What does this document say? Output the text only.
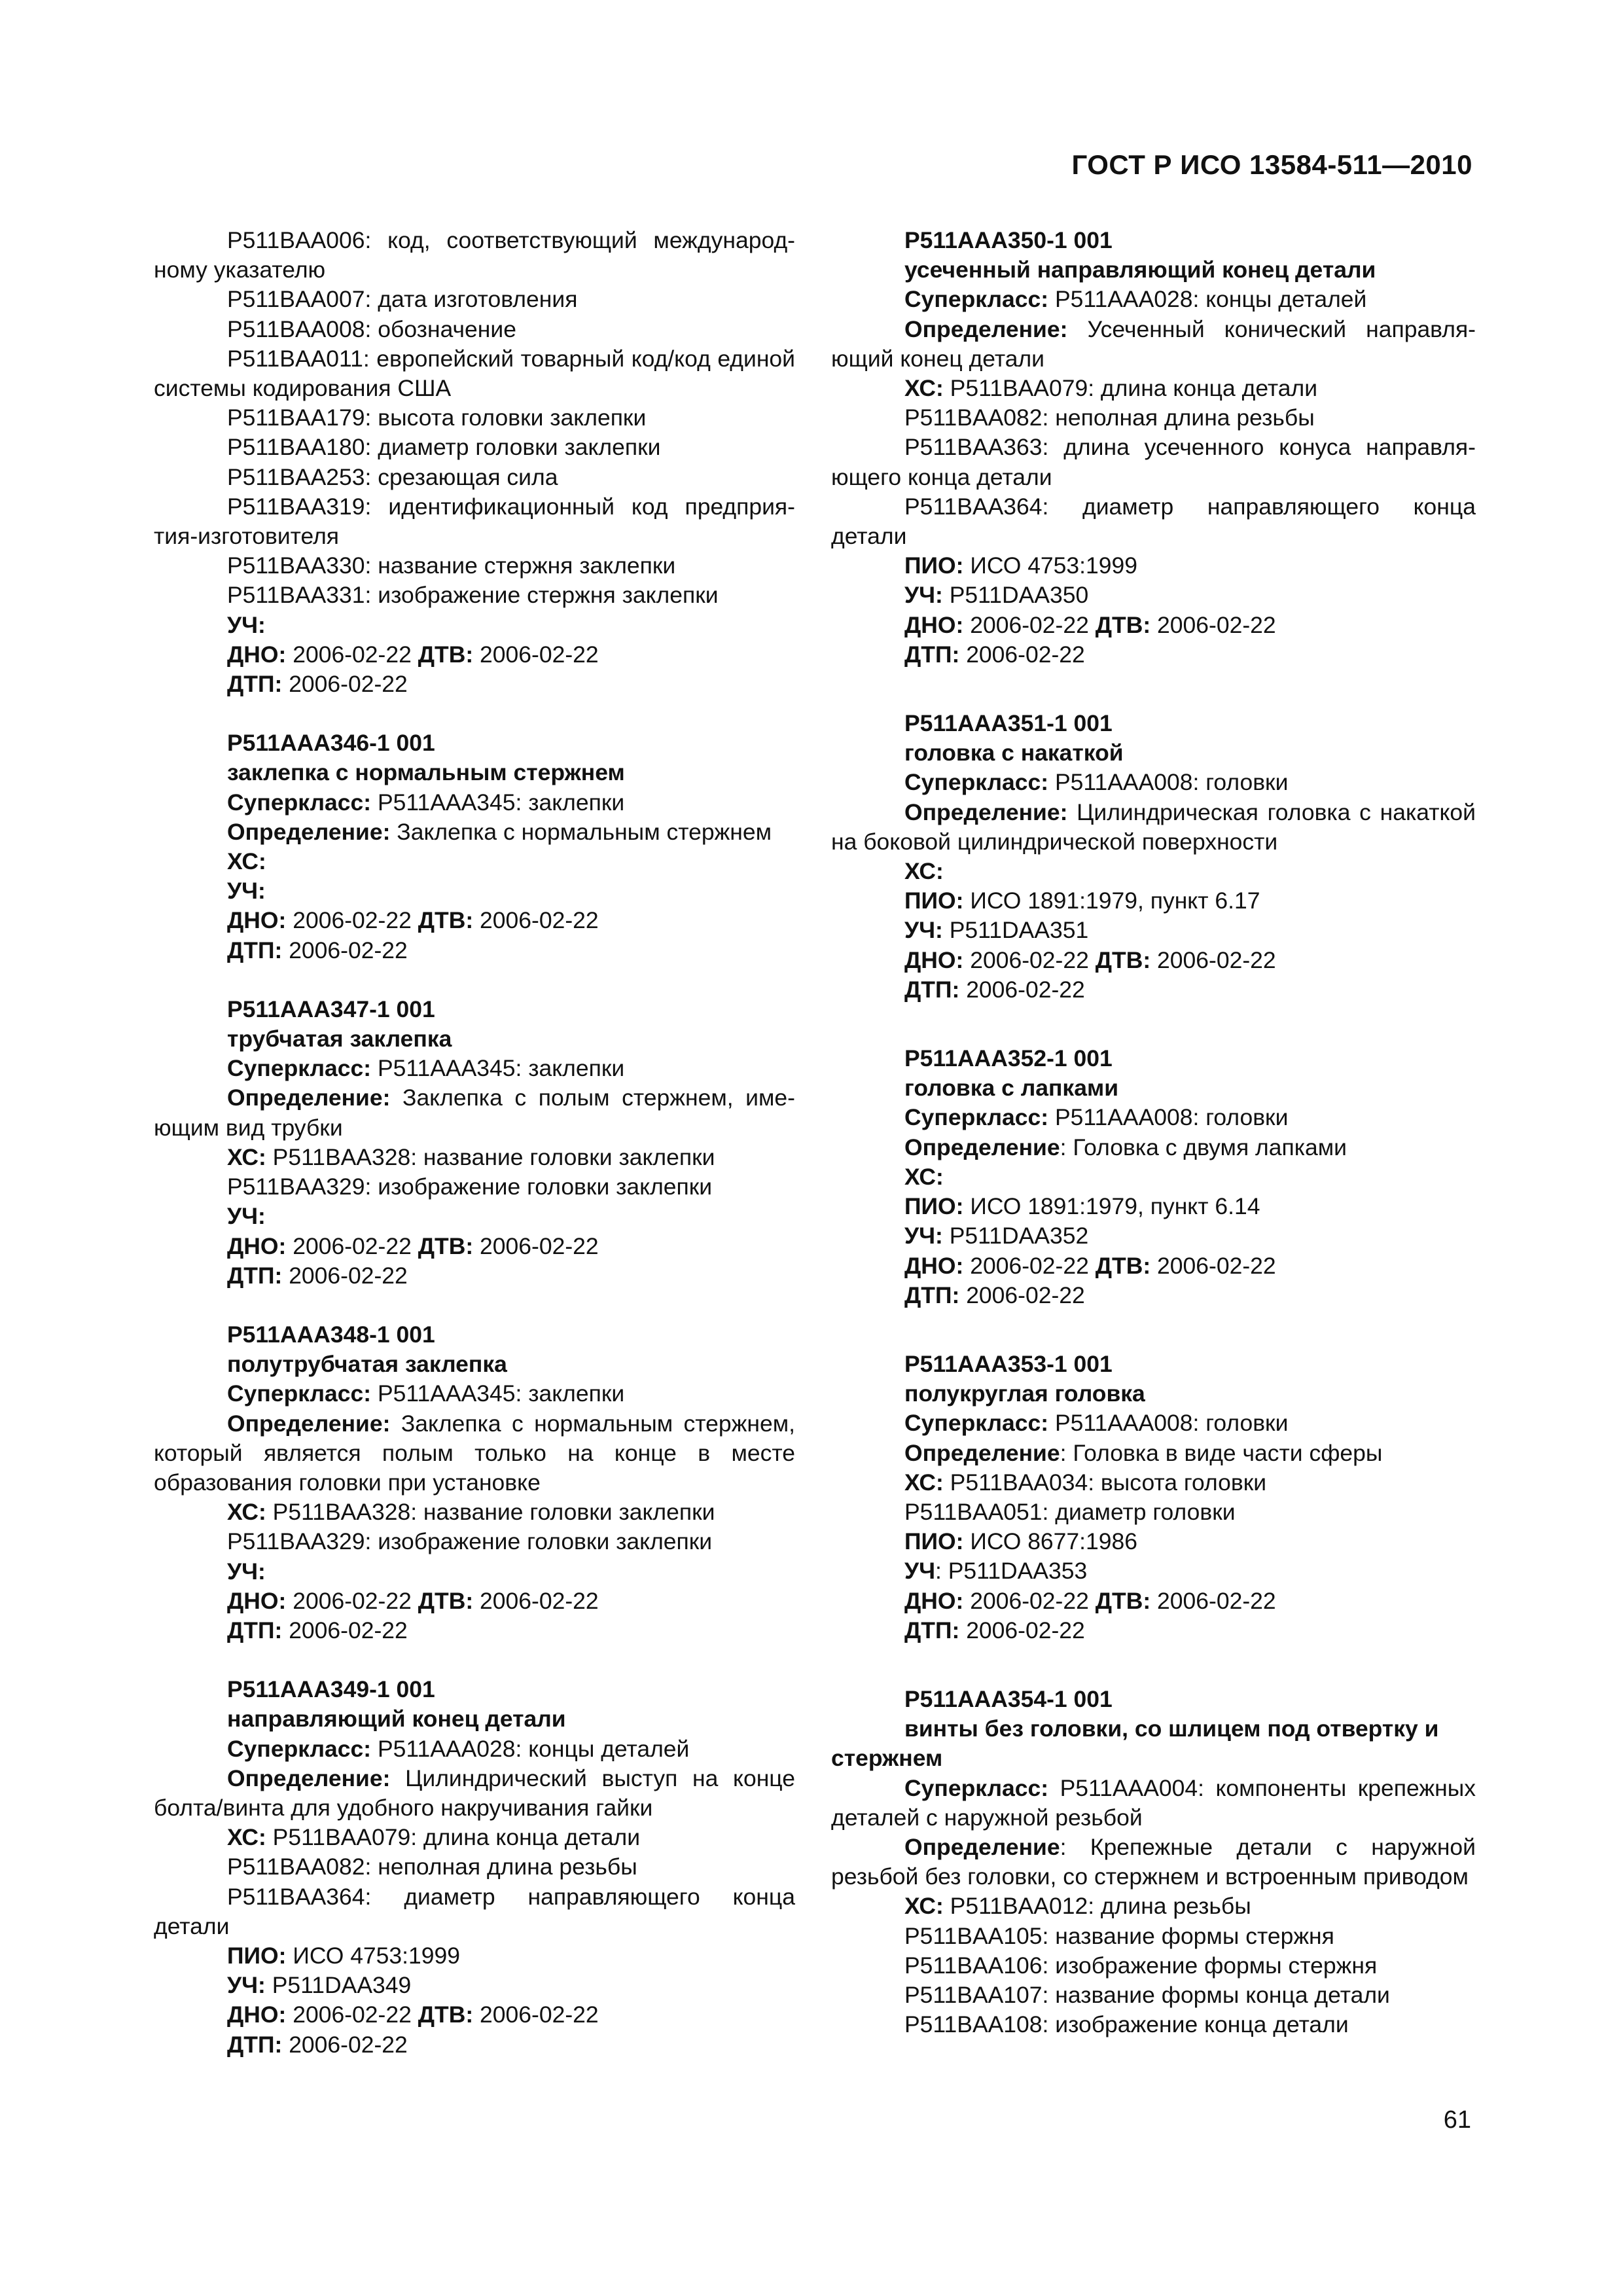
ГОСТ Р ИСО 13584-511—2010

P511BAA006: код, соответствующий международному указателю

P511BAA007: дата изготовления

P511BAA008: обозначение

P511BAA011: европейский товарный код/код единой системы кодирования США

P511BAA179: высота головки заклепки

P511BAA180: диаметр головки заклепки

P511BAA253: срезающая сила

P511BAA319: идентификационный код предприятия-изготовителя

P511BAA330: название стержня заклепки

P511BAA331: изображение стержня заклепки

УЧ:

ДНО: 2006-02-22 ДТВ: 2006-02-22

ДТП: 2006-02-22

P511AAA346-1 001

заклепка с нормальным стержнем

Суперкласс: P511AAA345: заклепки

Определение: Заклепка с нормальным стержнем

ХС:

УЧ:

ДНО: 2006-02-22 ДТВ: 2006-02-22

ДТП: 2006-02-22

P511AAA347-1 001

трубчатая заклепка

Суперкласс: P511AAA345: заклепки

Определение: Заклепка с полым стержнем, имеющим вид трубки

ХС: P511BAA328: название головки заклепки

P511BAA329: изображение головки заклепки

УЧ:

ДНО: 2006-02-22 ДТВ: 2006-02-22

ДТП: 2006-02-22

P511AAA348-1 001

полутрубчатая заклепка

Суперкласс: P511AAA345: заклепки

Определение: Заклепка с нормальным стержнем, который является полым только на конце в месте образования головки при установке

ХС: P511BAA328: название головки заклепки

P511BAA329: изображение головки заклепки

УЧ:

ДНО: 2006-02-22 ДТВ: 2006-02-22

ДТП: 2006-02-22

P511AAA349-1 001

направляющий конец детали

Суперкласс: P511AAA028: концы деталей

Определение: Цилиндрический выступ на конце болта/винта для удобного накручивания гайки

ХС: P511BAA079: длина конца детали

P511BAA082: неполная длина резьбы

P511BAA364: диаметр направляющего конца детали

ПИО: ИСО 4753:1999

УЧ: P511DAA349

ДНО: 2006-02-22 ДТВ: 2006-02-22

ДТП: 2006-02-22

P511AAA350-1 001

усеченный направляющий конец детали

Суперкласс: P511AAA028: концы деталей

Определение: Усеченный конический направляющий конец детали

ХС: P511BAA079: длина конца детали

P511BAA082: неполная длина резьбы

P511BAA363: длина усеченного конуса направляющего конца детали

P511BAA364: диаметр направляющего конца детали

ПИО: ИСО 4753:1999

УЧ: P511DAA350

ДНО: 2006-02-22 ДТВ: 2006-02-22

ДТП: 2006-02-22

P511AAA351-1 001

головка с накаткой

Суперкласс: P511AAA008: головки

Определение: Цилиндрическая головка с накаткой на боковой цилиндрической поверхности

ХС:

ПИО: ИСО 1891:1979, пункт 6.17

УЧ: P511DAA351

ДНО: 2006-02-22 ДТВ: 2006-02-22

ДТП: 2006-02-22

P511AAA352-1 001

головка с лапками

Суперкласс: P511AAA008: головки

Определение: Головка с двумя лапками

ХС:

ПИО: ИСО 1891:1979, пункт 6.14

УЧ: P511DAA352

ДНО: 2006-02-22 ДТВ: 2006-02-22

ДТП: 2006-02-22

P511AAA353-1 001

полукруглая головка

Суперкласс: P511AAA008: головки

Определение: Головка в виде части сферы

ХС: P511BAA034: высота головки

P511BAA051: диаметр головки

ПИО: ИСО 8677:1986

УЧ: P511DAA353

ДНО: 2006-02-22 ДТВ: 2006-02-22

ДТП: 2006-02-22

P511AAA354-1 001

винты без головки, со шлицем под отвертку и стержнем

Суперкласс: P511AAA004: компоненты крепежных деталей с наружной резьбой

Определение: Крепежные детали с наружной резьбой без головки, со стержнем и встроенным приводом

ХС: P511BAA012: длина резьбы

P511BAA105: название формы стержня

P511BAA106: изображение формы стержня

P511BAA107: название формы конца детали

P511BAA108: изображение конца детали

61
